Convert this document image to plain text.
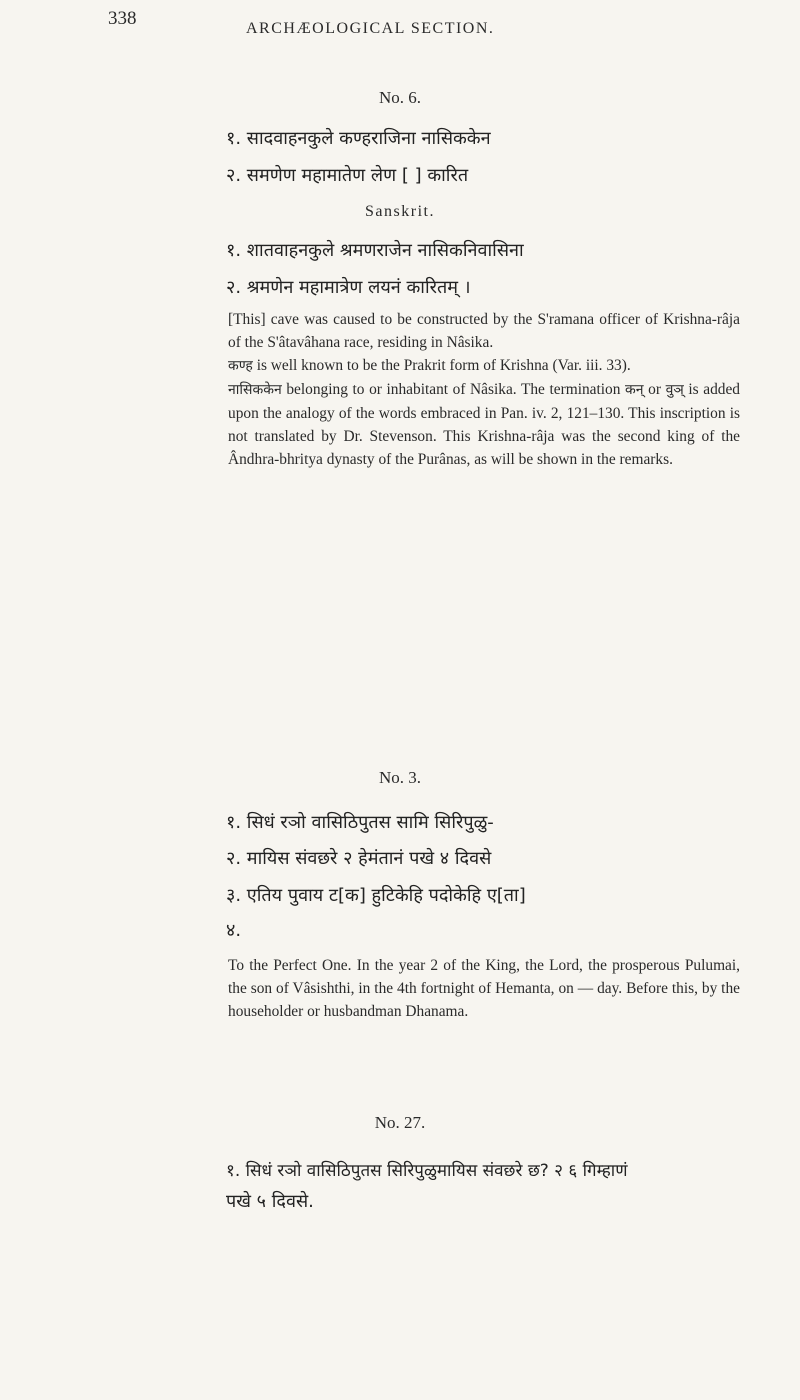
338	ARCHÆOLOGICAL SECTION.
No. 6.
१. सादवाहनकुले कण्हराजिना नासिककेन
२. समणेण महामातेण लेण [ ] कारित
Sanskrit.
१. शातवाहनकुले श्रमणराजेन नासिकनिवासिना
२. श्रमणेन महामात्रेण लयनं कारितम् ।

[This] cave was caused to be constructed by the S'ramana officer of Krishna-râja of the S'âtavâhana race, residing in Nâsika.
कण्ह is well known to be the Prakrit form of Krishna (Var. iii. 33).
नासिककेन belonging to or inhabitant of Nâsika. The termination कन् or वुञ् is added upon the analogy of the words embraced in Pan. iv. 2, 121–130. This inscription is not translated by Dr. Stevenson. This Krishna-râja was the second king of the Ândhra-bhritya dynasty of the Purânas, as will be shown in the remarks.

No. 3.
१. सिधं रञो वासिठिपुतस सामि सिरिपुळु-
२. मायिस संवछरे २ हेमंतानं पखे ४ दिवसे
३. एतिय पुवाय ट[क] हुटिकेहि पदोकेहि ए[ता]
४.

To the Perfect One. In the year 2 of the King, the Lord, the prosperous Pulumai, the son of Vâsishthi, in the 4th fortnight of Hemanta, on — day. Before this, by the householder or husbandman Dhanama.

No. 27.
१. सिधं रञो वासिठिपुतस सिरिपुळुमायिस संवछरे छ? २ ६ गिम्हाणं
पखे ५ दिवसे.
